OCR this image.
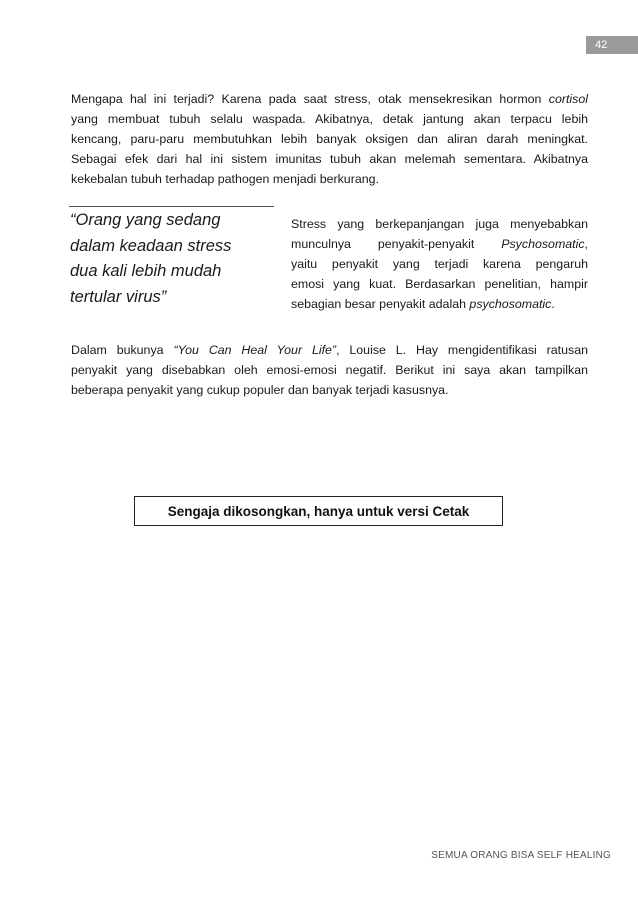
42
Mengapa hal ini terjadi? Karena pada saat stress, otak mensekresikan hormon cortisol
yang membuat tubuh selalu waspada. Akibatnya, detak jantung akan terpacu lebih
kencang, paru-paru membutuhkan lebih banyak oksigen dan aliran darah meningkat.
Sebagai efek dari hal ini sistem imunitas tubuh akan melemah sementara. Akibatnya
kekebalan tubuh terhadap pathogen menjadi berkurang.
“Orang yang sedang
dalam keadaan stress
dua kali lebih mudah
tertular virus”
Stress yang berkepanjangan juga menyebabkan
munculnya penyakit-penyakit Psychosomatic,
yaitu penyakit yang terjadi karena pengaruh
emosi yang kuat. Berdasarkan penelitian, hampir
sebagian besar penyakit adalah psychosomatic.
Dalam bukunya “You Can Heal Your Life”, Louise L. Hay mengidentifikasi ratusan
penyakit yang disebabkan oleh emosi-emosi negatif. Berikut ini saya akan tampilkan
beberapa penyakit yang cukup populer dan banyak terjadi kasusnya.
Sengaja dikosongkan, hanya untuk versi Cetak
SEMUA ORANG BISA SELF HEALING
